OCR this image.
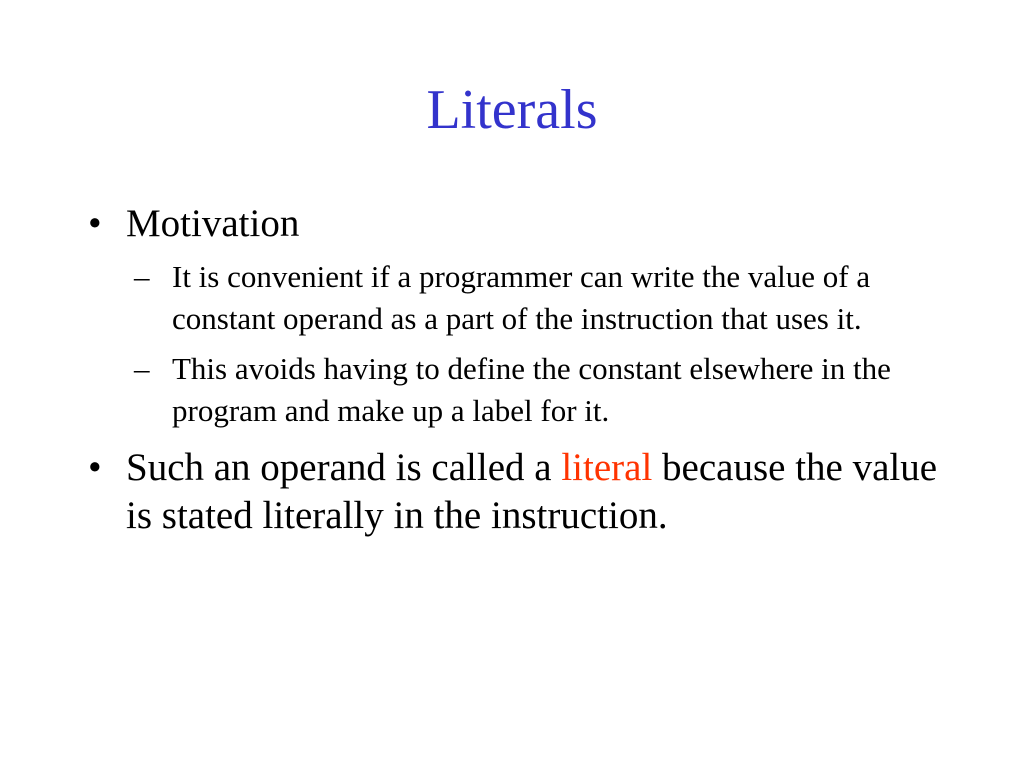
Literals
• Motivation
– It is convenient if a programmer can write the value of a constant operand as a part of the instruction that uses it.
– This avoids having to define the constant elsewhere in the program and make up a label for it.
• Such an operand is called a literal because the value is stated literally in the instruction.
